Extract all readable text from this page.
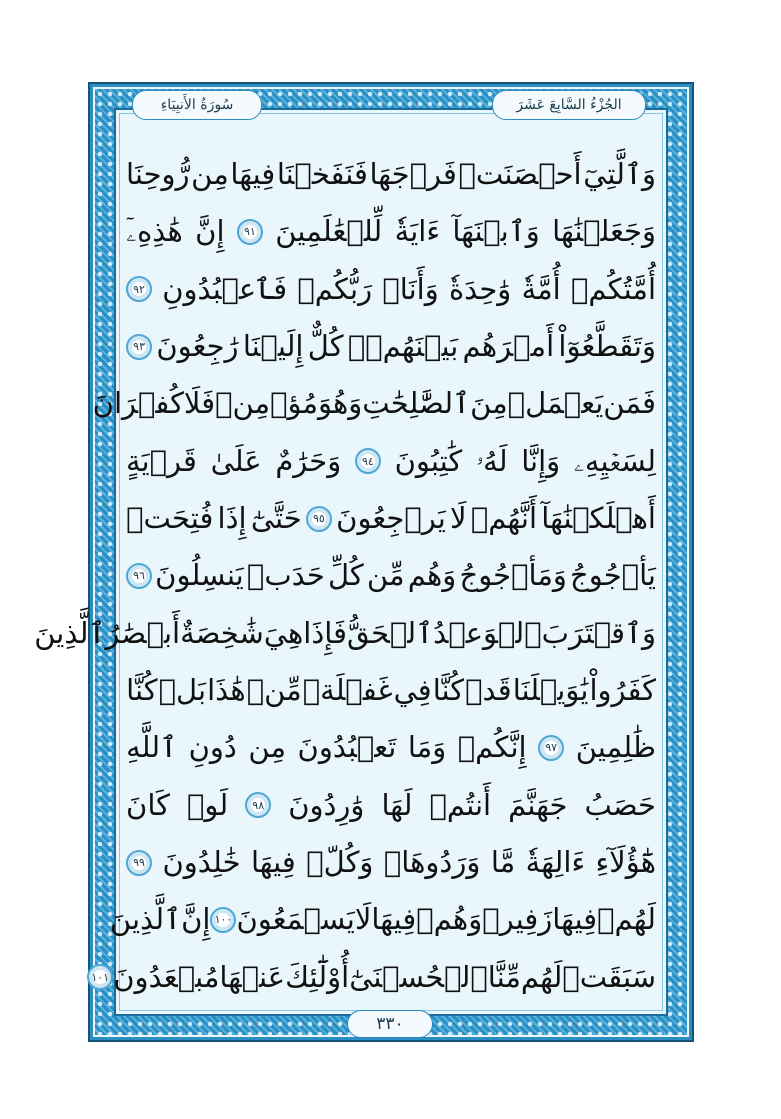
سُورَةُ الأَنبِيَاءِ	الجُزْءُ السَّابِعَ عَشَرَ
وَٱلَّتِيٓ
أَحۡصَنَتۡ
فَرۡجَهَا
فَنَفَخۡنَا
فِيهَا
مِن
رُّوحِنَا
وَجَعَلۡنَٰهَا
وَٱبۡنَهَآ
ءَايَةٗ
لِّلۡعَٰلَمِينَ
٩١
إِنَّ
هَٰذِهِۦٓ
أُمَّتُكُمۡ
أُمَّةٗ
وَٰحِدَةٗ
وَأَنَا۠
رَبُّكُمۡ
فَٱعۡبُدُونِ
٩٢
وَتَقَطَّعُوٓاْ
أَمۡرَهُم
بَيۡنَهُمۡۖ
كُلٌّ
إِلَيۡنَا
رَٰجِعُونَ
٩٣
فَمَن
يَعۡمَلۡ
مِنَ
ٱلصَّٰلِحَٰتِ
وَهُوَ
مُؤۡمِنٞ
فَلَا
كُفۡرَانَ
لِسَعۡيِهِۦ
وَإِنَّا
لَهُۥ
كَٰتِبُونَ
٩٤
وَحَرَٰمٌ
عَلَىٰ
قَرۡيَةٍ
أَهۡلَكۡنَٰهَآ
أَنَّهُمۡ
لَا
يَرۡجِعُونَ
٩٥
حَتَّىٰٓ
إِذَا
فُتِحَتۡ
يَأۡجُوجُ
وَمَأۡجُوجُ
وَهُم
مِّن
كُلِّ
حَدَبٖ
يَنسِلُونَ
٩٦
وَٱقۡتَرَبَ
ٱلۡوَعۡدُ
ٱلۡحَقُّ
فَإِذَا
هِيَ
شَٰخِصَةٌ
أَبۡصَٰرُ
ٱلَّذِينَ
كَفَرُواْ
يَٰوَيۡلَنَا
قَدۡ
كُنَّا
فِي
غَفۡلَةٖ
مِّنۡ
هَٰذَا
بَلۡ
كُنَّا
ظَٰلِمِينَ
٩٧
إِنَّكُمۡ
وَمَا
تَعۡبُدُونَ
مِن
دُونِ
ٱللَّهِ
حَصَبُ
جَهَنَّمَ
أَنتُمۡ
لَهَا
وَٰرِدُونَ
٩٨
لَوۡ
كَانَ
هَٰٓؤُلَآءِ
ءَالِهَةٗ
مَّا
وَرَدُوهَاۖ
وَكُلّٞ
فِيهَا
خَٰلِدُونَ
٩٩
لَهُمۡ
فِيهَا
زَفِيرٞ
وَهُمۡ
فِيهَا
لَا
يَسۡمَعُونَ
١٠٠
إِنَّ
ٱلَّذِينَ
سَبَقَتۡ
لَهُم
مِّنَّا
ٱلۡحُسۡنَىٰٓ
أُوْلَٰٓئِكَ
عَنۡهَا
مُبۡعَدُونَ
١٠١
٣٣٠
